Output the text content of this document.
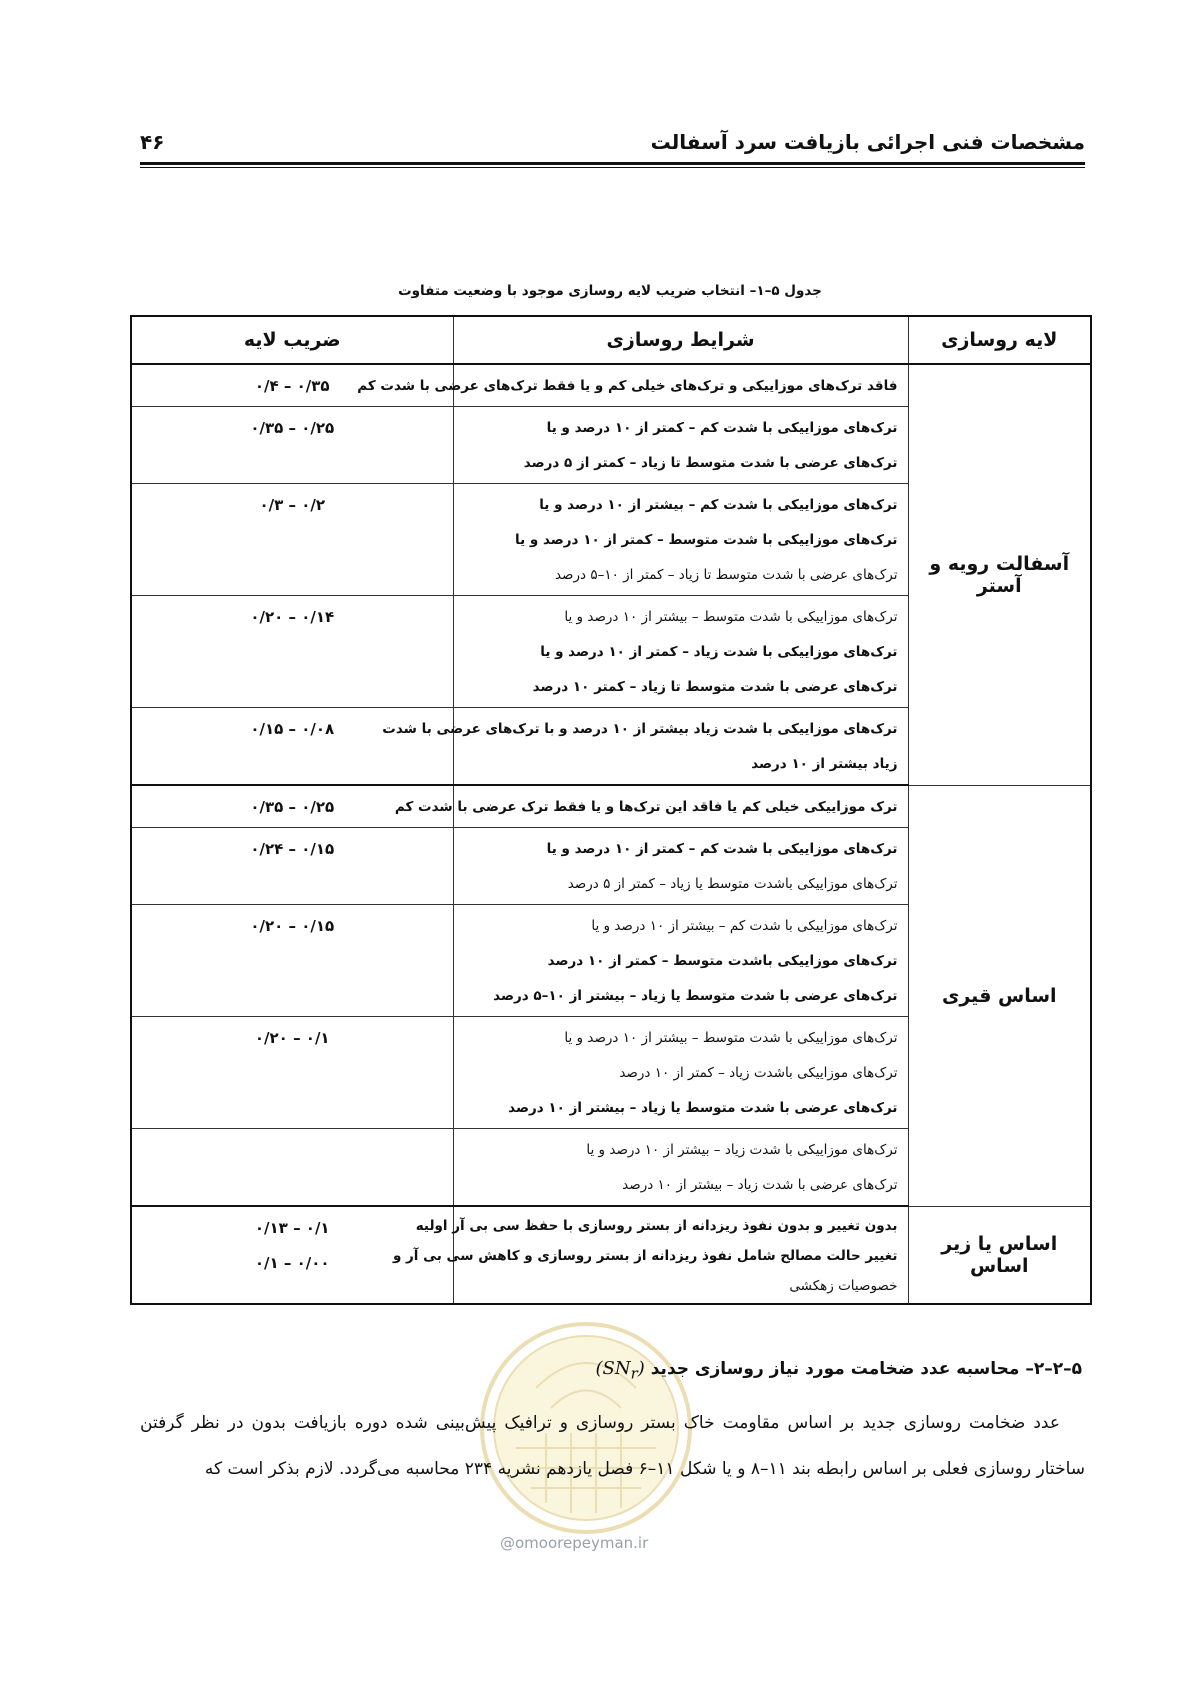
مشخصات فنی اجرائی بازیافت سرد آسفالت
۴۶
جدول ۵–۱– انتخاب ضریب لایه روسازی موجود با وضعیت متفاوت
لایه روسازی	شرایط روسازی	ضریب لایه
آسفالت رویه و آستر	فاقد ترک‌های موزاییکی و ترک‌های خیلی کم و یا فقط ترک‌های عرضی با شدت کم	۰/۳۵ – ۰/۴

	ترک‌های موزاییکی با شدت کم – کمتر از ۱۰ درصد و یا
ترک‌های عرضی با شدت متوسط تا زیاد – کمتر از ۵ درصد	۰/۲۵ – ۰/۳۵

	ترک‌های موزاییکی با شدت کم – بیشتر از ۱۰ درصد و یا
ترک‌های موزاییکی با شدت متوسط – کمتر از ۱۰ درصد و یا
ترک‌های عرضی با شدت متوسط تا زیاد – کمتر از ۱۰–۵ درصد	۰/۲ – ۰/۳

	ترک‌های موزاییکی با شدت متوسط – بیشتر از ۱۰ درصد و یا
ترک‌های موزاییکی با شدت زیاد – کمتر از ۱۰ درصد و یا
ترک‌های عرضی با شدت متوسط تا زیاد – کمتر ۱۰ درصد	۰/۱۴ – ۰/۲۰

	ترک‌های موزاییکی با شدت زیاد بیشتر از ۱۰ درصد و با ترک‌های عرضی با شدت
زیاد بیشتر از ۱۰ درصد	۰/۰۸ – ۰/۱۵

اساس قیری	ترک موزاییکی خیلی کم یا فاقد این ترک‌ها و یا فقط ترک عرضی با شدت کم	۰/۲۵ – ۰/۳۵

	ترک‌های موزاییکی با شدت کم – کمتر از ۱۰ درصد و یا
ترک‌های موزاییکی باشدت متوسط یا زیاد – کمتر از ۵ درصد	۰/۱۵ – ۰/۲۴

	ترک‌های موزاییکی با شدت کم – بیشتر از ۱۰ درصد و یا
ترک‌های موزاییکی باشدت متوسط – کمتر از ۱۰ درصد
ترک‌های عرضی با شدت متوسط یا زیاد – بیشتر از ۱۰–۵ درصد	۰/۱۵ – ۰/۲۰

	ترک‌های موزاییکی با شدت متوسط – بیشتر از ۱۰ درصد و یا
ترک‌های موزاییکی باشدت زیاد – کمتر از ۱۰ درصد
ترک‌های عرضی با شدت متوسط یا زیاد – بیشتر از ۱۰ درصد	۰/۱ – ۰/۲۰

	ترک‌های موزاییکی با شدت زیاد – بیشتر از ۱۰ درصد و یا
ترک‌های عرضی با شدت زیاد – بیشتر از ۱۰ درصد	

اساس یا زیر اساس	بدون تغییر و بدون نفوذ ریزدانه از بستر روسازی با حفظ سی بی آر اولیه
تغییر حالت مصالح شامل نفوذ ریزدانه از بستر روسازی و کاهش سی بی آر و
خصوصیات زهکشی	۰/۱ – ۰/۱۳
۰/۰۰ – ۰/۱
@omoorepeyman.ir
۵–۲–۲– محاسبه عدد ضخامت مورد نیاز روسازی جدید $(SN_r)$
عدد ضخامت روسازی جدید بر اساس مقاومت خاک بستر روسازی و ترافیک پیش‌بینی شده دوره بازیافت بدون در نظر گرفتن ساختار روسازی فعلی بر اساس رابطه بند ۱۱–۸ و یا شکل ۱۱–۶ فصل یازدهم نشریه ۲۳۴ محاسبه می‌گردد. لازم بذکر است که
